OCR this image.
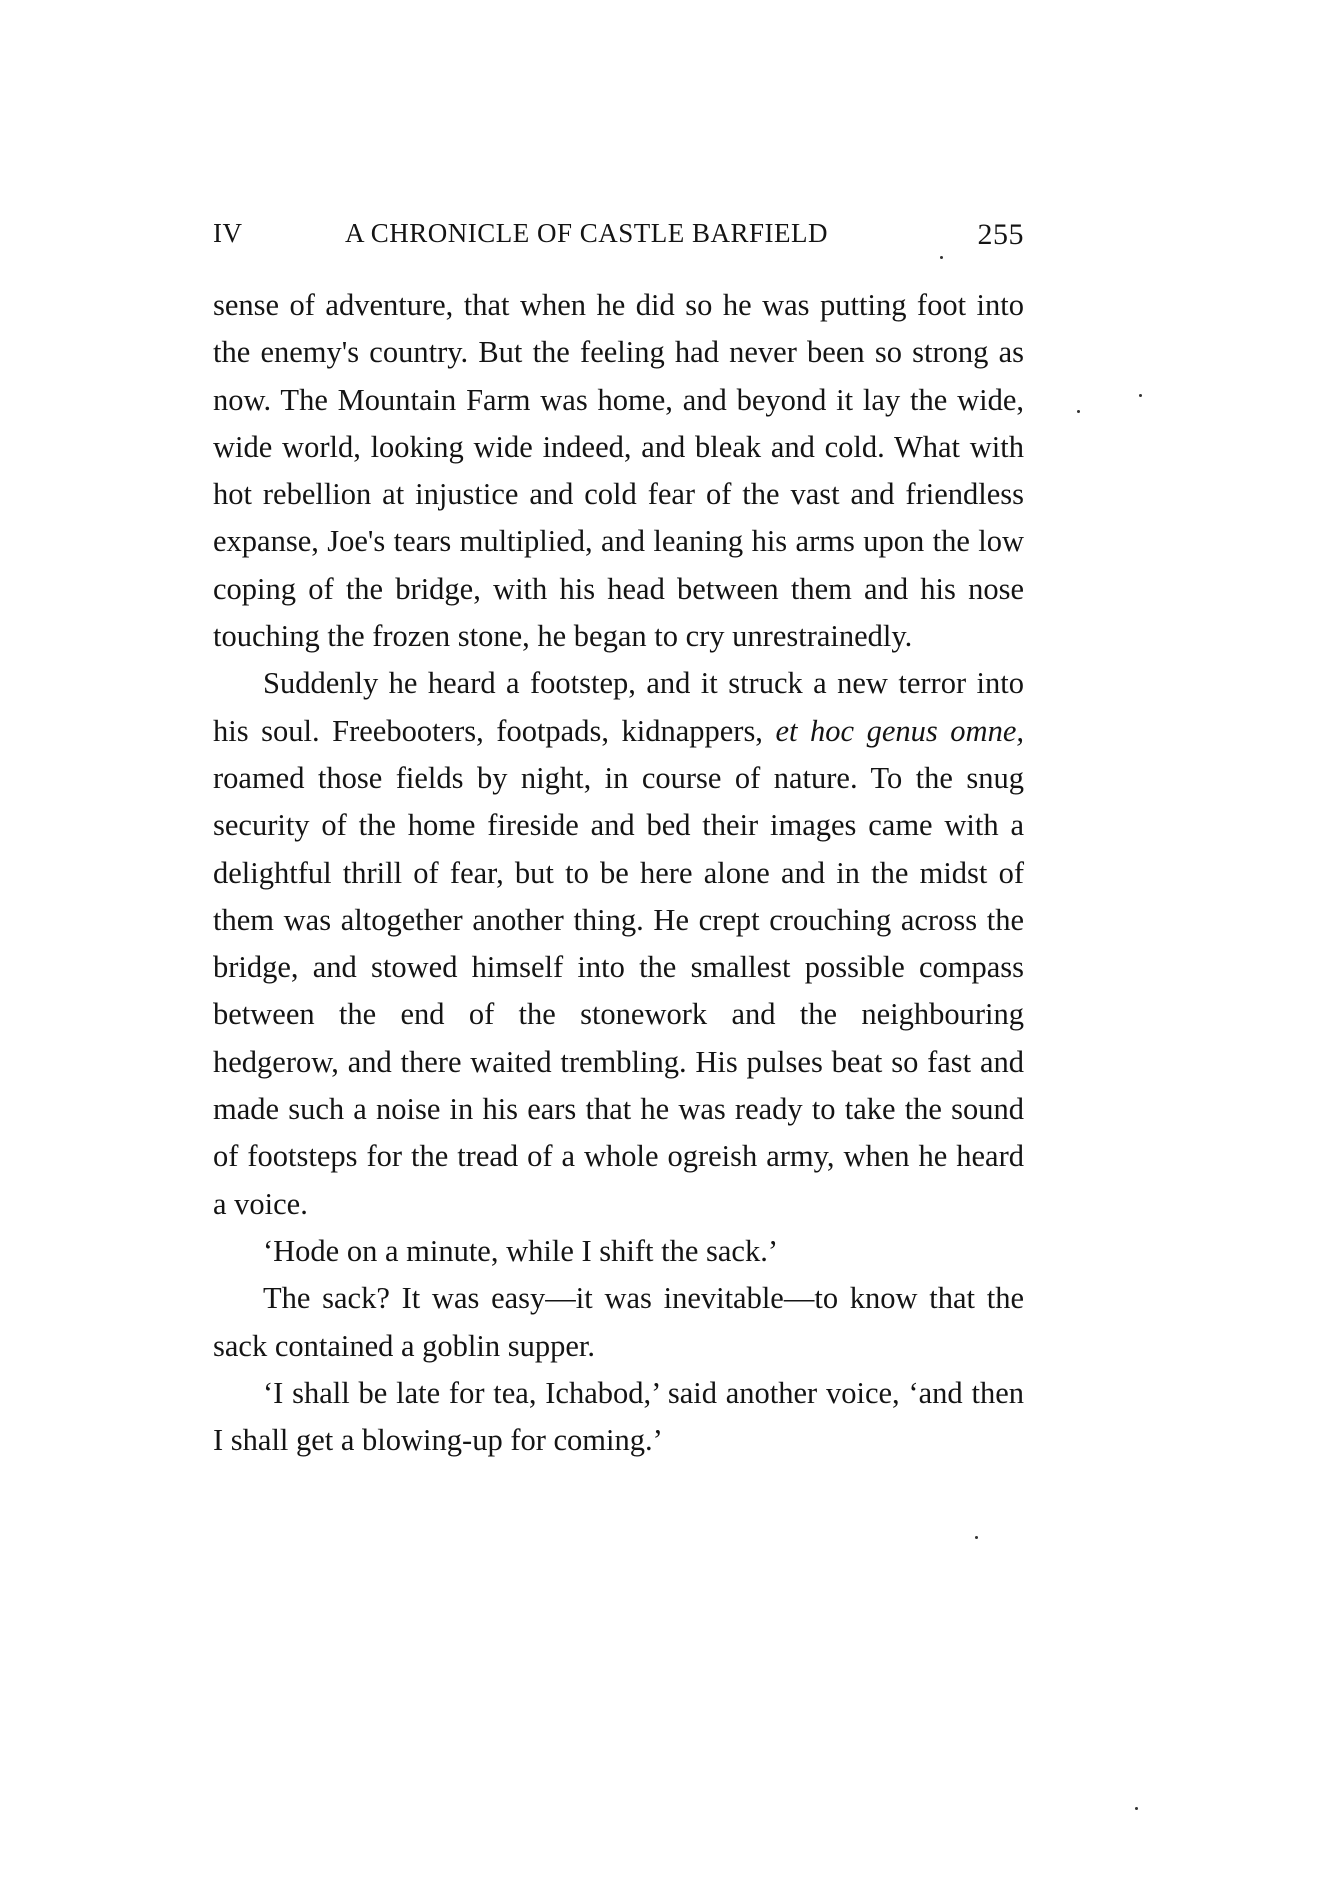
IV	A CHRONICLE OF CASTLE BARFIELD	255

sense of adventure, that when he did so he was putting foot into the enemy's country. But the feeling had never been so strong as now. The Mountain Farm was home, and beyond it lay the wide, wide world, looking wide indeed, and bleak and cold. What with hot rebellion at injustice and cold fear of the vast and friendless expanse, Joe's tears multiplied, and leaning his arms upon the low coping of the bridge, with his head between them and his nose touching the frozen stone, he began to cry unrestrainedly.

Suddenly he heard a footstep, and it struck a new terror into his soul. Freebooters, footpads, kidnappers, et hoc genus omne, roamed those fields by night, in course of nature. To the snug security of the home fireside and bed their images came with a delightful thrill of fear, but to be here alone and in the midst of them was altogether another thing. He crept crouching across the bridge, and stowed himself into the smallest possible compass between the end of the stonework and the neighbouring hedgerow, and there waited trembling. His pulses beat so fast and made such a noise in his ears that he was ready to take the sound of footsteps for the tread of a whole ogreish army, when he heard a voice.

‘Hode on a minute, while I shift the sack.’

The sack? It was easy—it was inevitable—to know that the sack contained a goblin supper.

‘I shall be late for tea, Ichabod,’ said another voice, ‘and then I shall get a blowing-up for coming.’
